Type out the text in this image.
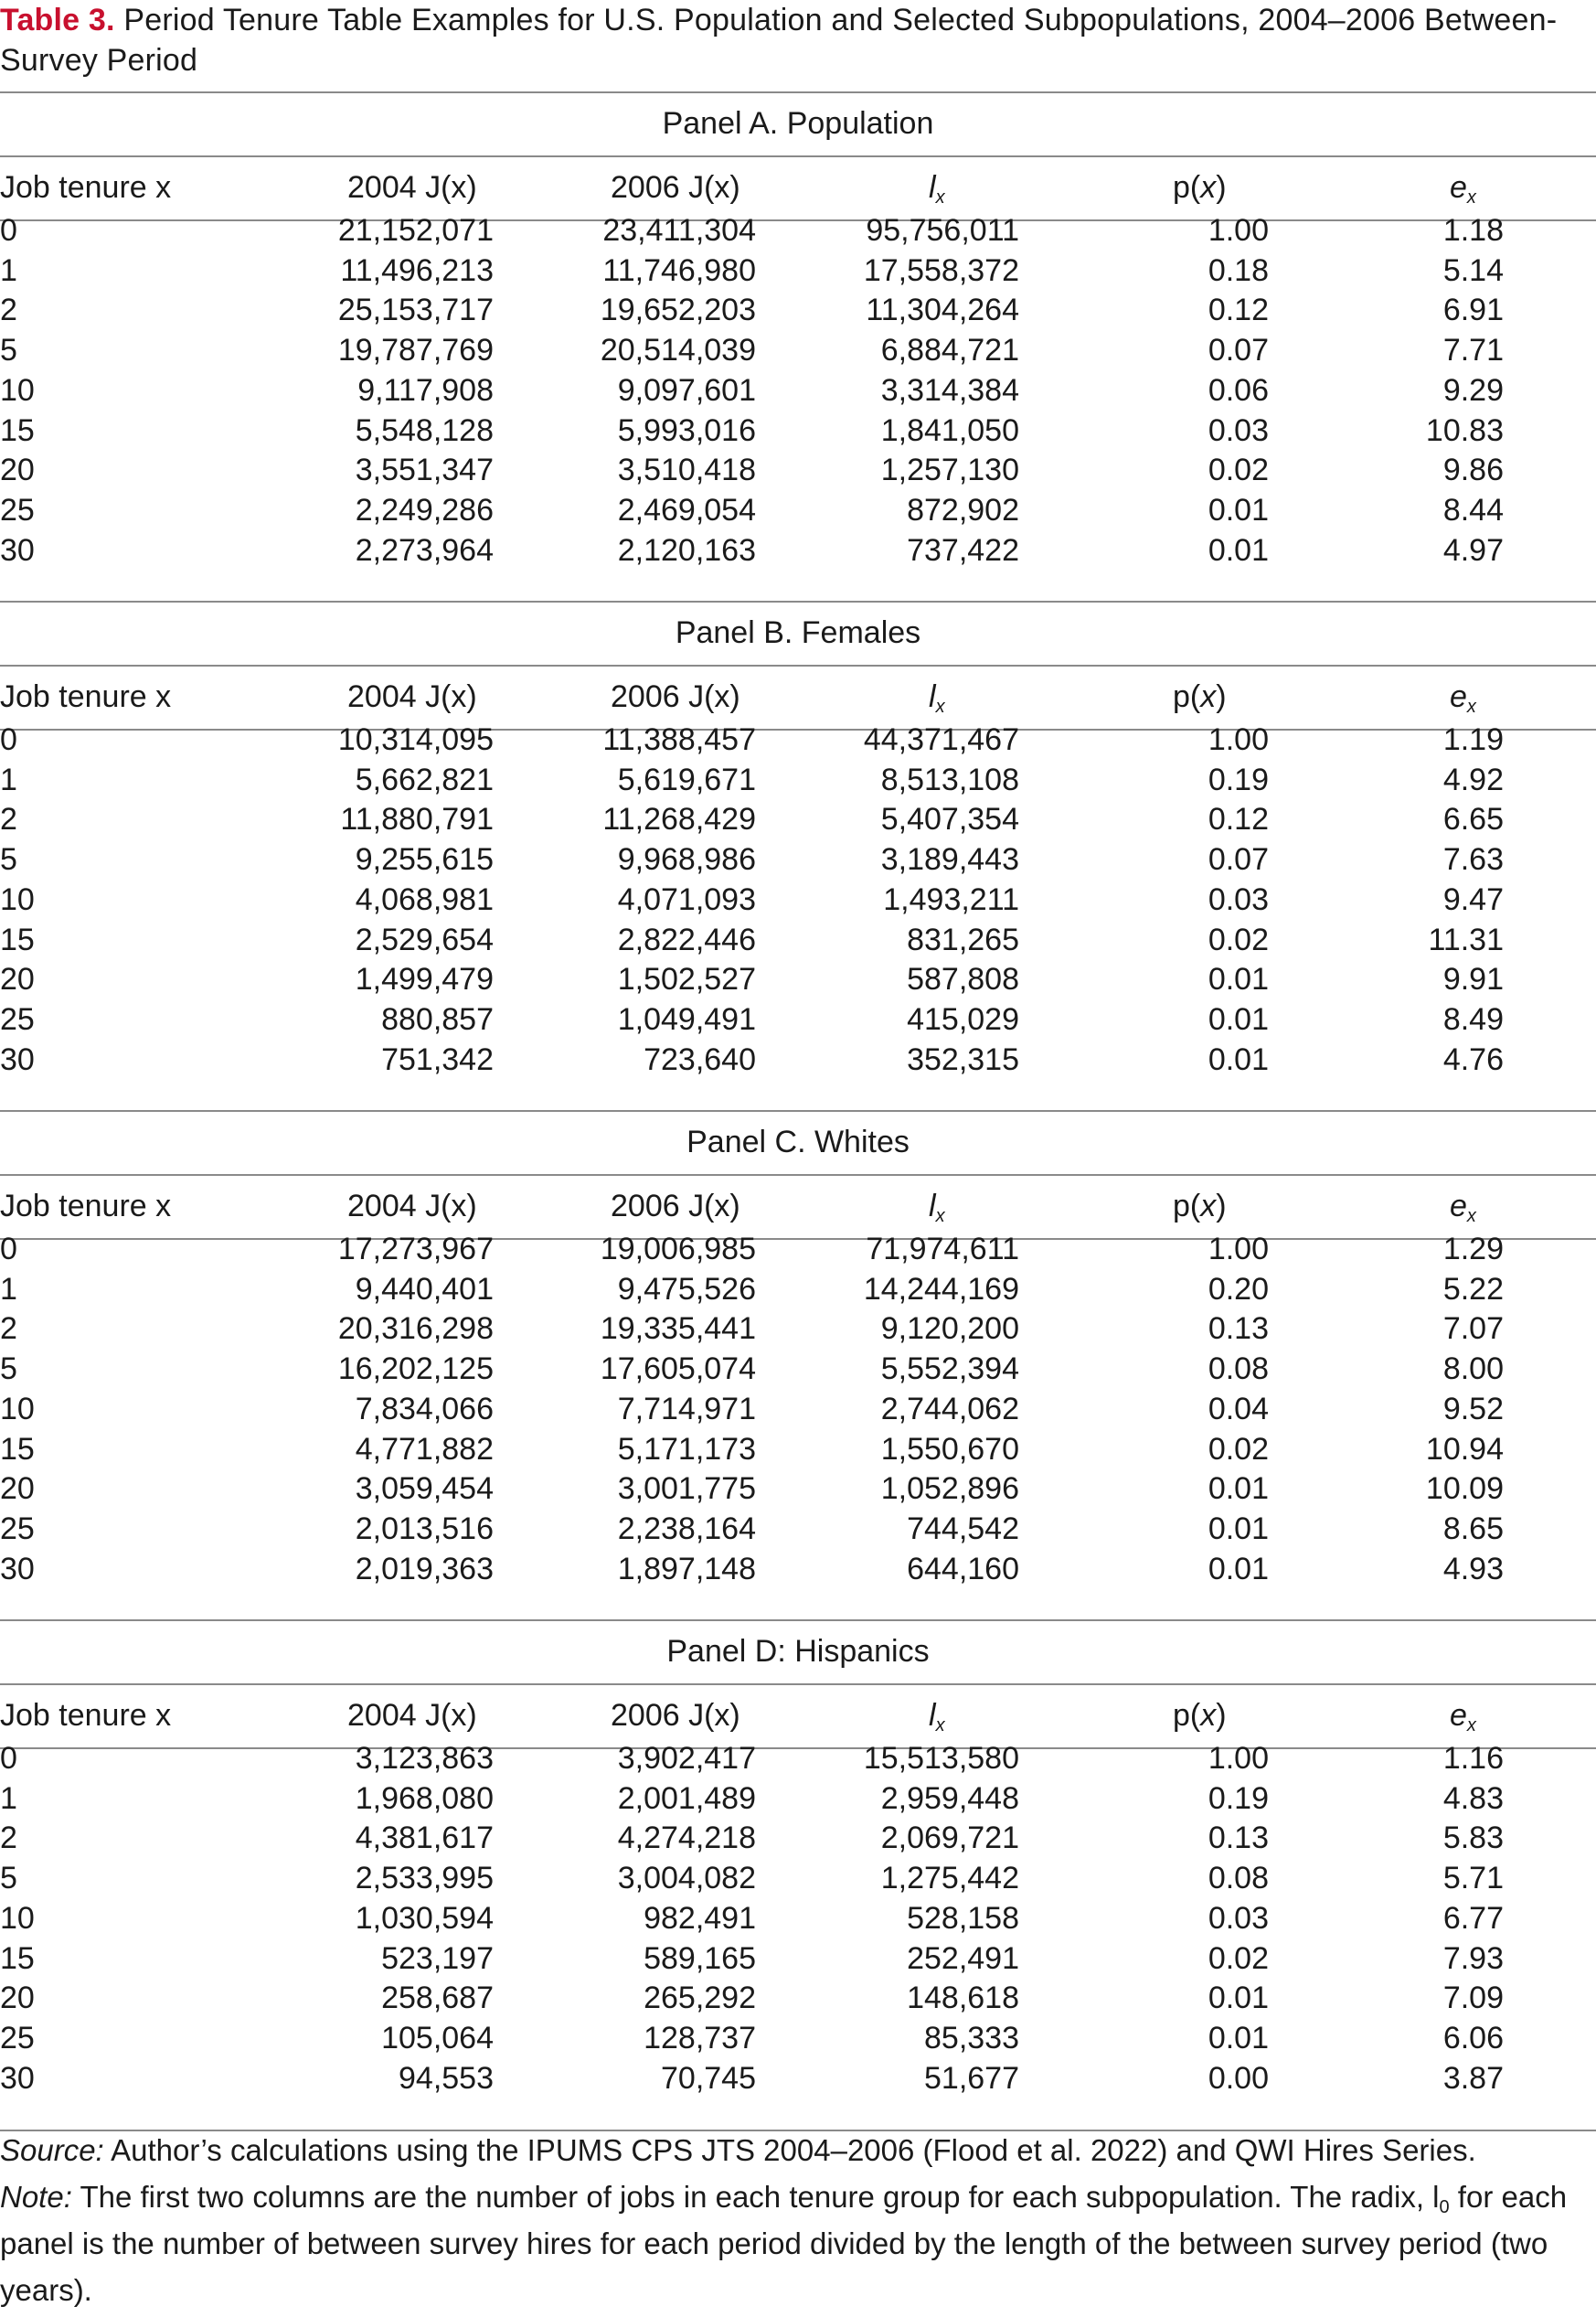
Table 3. Period Tenure Table Examples for U.S. Population and Selected Subpopulations, 2004–2006 Between-Survey Period
Panel A. Population
Job tenure x	2004 J(x)	2006 J(x)	$l_x$	p(x)	$e_x$
0	21,152,071	23,411,304	95,756,011	1.00	1.18
1	11,496,213	11,746,980	17,558,372	0.18	5.14
2	25,153,717	19,652,203	11,304,264	0.12	6.91
5	19,787,769	20,514,039	6,884,721	0.07	7.71
10	9,117,908	9,097,601	3,314,384	0.06	9.29
15	5,548,128	5,993,016	1,841,050	0.03	10.83
20	3,551,347	3,510,418	1,257,130	0.02	9.86
25	2,249,286	2,469,054	872,902	0.01	8.44
30	2,273,964	2,120,163	737,422	0.01	4.97
Panel B. Females
Job tenure x	2004 J(x)	2006 J(x)	$l_x$	p(x)	$e_x$
0	10,314,095	11,388,457	44,371,467	1.00	1.19
1	5,662,821	5,619,671	8,513,108	0.19	4.92
2	11,880,791	11,268,429	5,407,354	0.12	6.65
5	9,255,615	9,968,986	3,189,443	0.07	7.63
10	4,068,981	4,071,093	1,493,211	0.03	9.47
15	2,529,654	2,822,446	831,265	0.02	11.31
20	1,499,479	1,502,527	587,808	0.01	9.91
25	880,857	1,049,491	415,029	0.01	8.49
30	751,342	723,640	352,315	0.01	4.76
Panel C. Whites
Job tenure x	2004 J(x)	2006 J(x)	$l_x$	p(x)	$e_x$
0	17,273,967	19,006,985	71,974,611	1.00	1.29
1	9,440,401	9,475,526	14,244,169	0.20	5.22
2	20,316,298	19,335,441	9,120,200	0.13	7.07
5	16,202,125	17,605,074	5,552,394	0.08	8.00
10	7,834,066	7,714,971	2,744,062	0.04	9.52
15	4,771,882	5,171,173	1,550,670	0.02	10.94
20	3,059,454	3,001,775	1,052,896	0.01	10.09
25	2,013,516	2,238,164	744,542	0.01	8.65
30	2,019,363	1,897,148	644,160	0.01	4.93
Panel D: Hispanics
Job tenure x	2004 J(x)	2006 J(x)	$l_x$	p(x)	$e_x$
0	3,123,863	3,902,417	15,513,580	1.00	1.16
1	1,968,080	2,001,489	2,959,448	0.19	4.83
2	4,381,617	4,274,218	2,069,721	0.13	5.83
5	2,533,995	3,004,082	1,275,442	0.08	5.71
10	1,030,594	982,491	528,158	0.03	6.77
15	523,197	589,165	252,491	0.02	7.93
20	258,687	265,292	148,618	0.01	7.09
25	105,064	128,737	85,333	0.01	6.06
30	94,553	70,745	51,677	0.00	3.87

Source: Author’s calculations using the IPUMS CPS JTS 2004–2006 (Flood et al. 2022) and QWI Hires Series.

Note: The first two columns are the number of jobs in each tenure group for each subpopulation. The radix, $l_0$ for each panel is the number of between survey hires for each period divided by the length of the between survey period (two years).
